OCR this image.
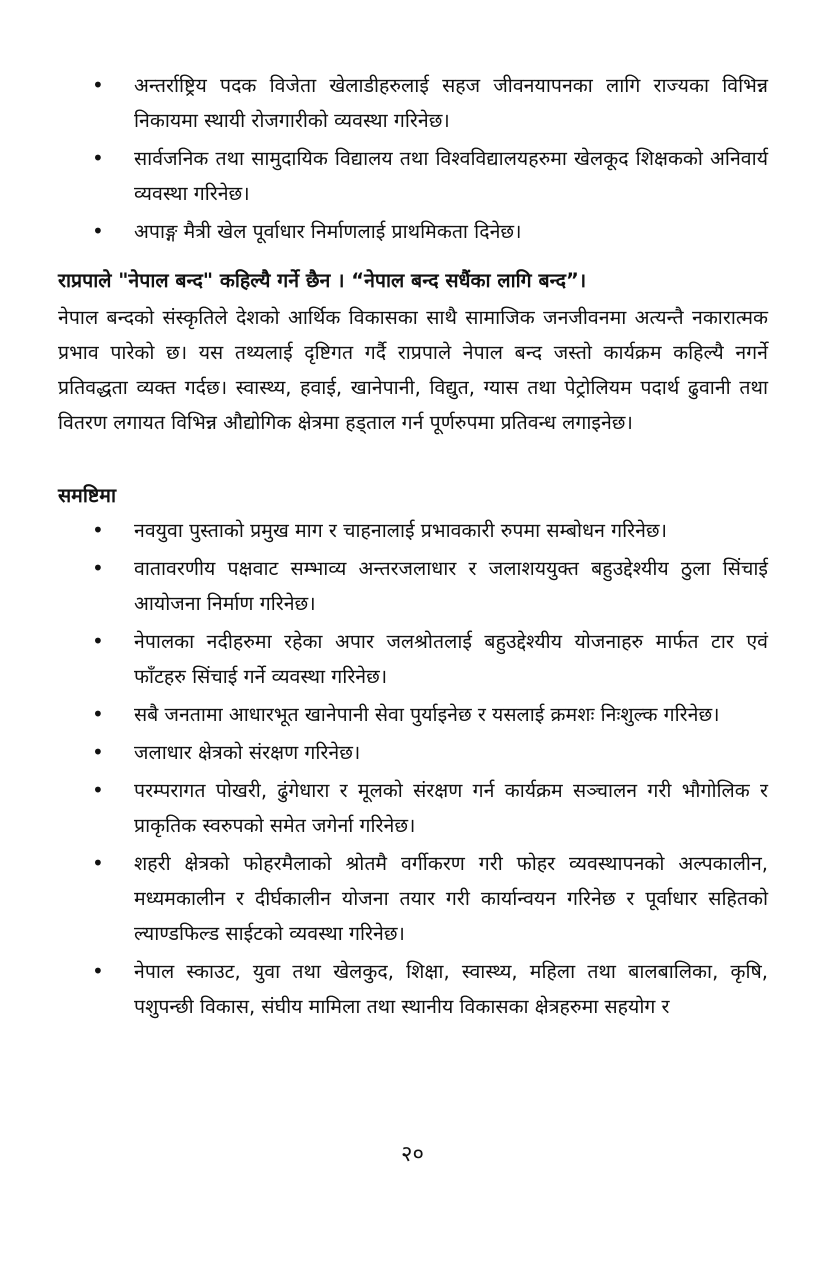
• अन्तर्राष्ट्रिय पदक विजेता खेलाडीहरुलाई सहज जीवनयापनका लागि राज्यका विभिन्न निकायमा स्थायी रोजगारीको व्यवस्था गरिनेछ।
• सार्वजनिक तथा सामुदायिक विद्यालय तथा विश्वविद्यालयहरुमा खेलकूद शिक्षकको अनिवार्य व्यवस्था गरिनेछ।
• अपाङ्ग मैत्री खेल पूर्वाधार निर्माणलाई प्राथमिकता दिनेछ।
राप्रपाले "नेपाल बन्द" कहिल्यै गर्ने छैन । “नेपाल बन्द सधैंका लागि बन्द”।
नेपाल बन्दको संस्कृतिले देशको आर्थिक विकासका साथै सामाजिक जनजीवनमा अत्यन्तै नकारात्मक प्रभाव पारेको छ। यस तथ्यलाई दृष्टिगत गर्दै राप्रपाले नेपाल बन्द जस्तो कार्यक्रम कहिल्यै नगर्ने प्रतिवद्धता व्यक्त गर्दछ। स्वास्थ्य, हवाई, खानेपानी, विद्युत, ग्यास तथा पेट्रोलियम पदार्थ ढुवानी तथा वितरण लगायत विभिन्न औद्योगिक क्षेत्रमा हड्ताल गर्न पूर्णरुपमा प्रतिवन्ध लगाइनेछ।
समष्टिमा
• नवयुवा पुस्ताको प्रमुख माग र चाहनालाई प्रभावकारी रुपमा सम्बोधन गरिनेछ।
• वातावरणीय पक्षवाट सम्भाव्य अन्तरजलाधार र जलाशययुक्त बहुउद्देश्यीय ठुला सिंचाई आयोजना निर्माण गरिनेछ।
• नेपालका नदीहरुमा रहेका अपार जलश्रोतलाई बहुउद्देश्यीय योजनाहरु मार्फत टार एवं फाँटहरु सिंचाई गर्ने व्यवस्था गरिनेछ।
• सबै जनतामा आधारभूत खानेपानी सेवा पुर्याइनेछ र यसलाई क्रमशः निःशुल्क गरिनेछ।
• जलाधार क्षेत्रको संरक्षण गरिनेछ।
• परम्परागत पोखरी, ढुंगेधारा र मूलको संरक्षण गर्न कार्यक्रम सञ्चालन गरी भौगोलिक र प्राकृतिक स्वरुपको समेत जगेर्ना गरिनेछ।
• शहरी क्षेत्रको फोहरमैलाको श्रोतमै वर्गीकरण गरी फोहर व्यवस्थापनको अल्पकालीन, मध्यमकालीन र दीर्घकालीन योजना तयार गरी कार्यान्वयन गरिनेछ र पूर्वाधार सहितको ल्याण्डफिल्ड साईटको व्यवस्था गरिनेछ।
• नेपाल स्काउट, युवा तथा खेलकुद, शिक्षा, स्वास्थ्य, महिला तथा बालबालिका, कृषि, पशुपन्छी विकास, संघीय मामिला तथा स्थानीय विकासका क्षेत्रहरुमा सहयोग र
२०
